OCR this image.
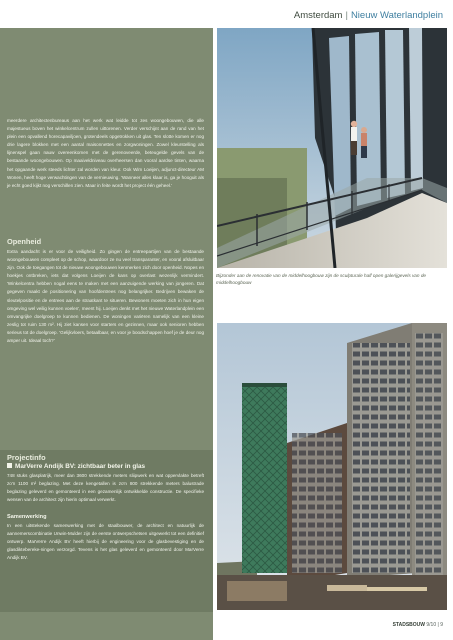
Amsterdam | Nieuw Waterlandplein

meerdere architectenbureaus aan het werk wat leidde tot zes woongebouwen, die alle majestueus boven het winkelcentrum zullen uittorenen. Verder verschijnt aan de rand van het plein een opvallend horecapaviljoen, grotendeels opgetrokken uit glas. Ten slotte komen er nog drie lagere blokken met een aantal maisonnettes en zorgwoningen. Zowel kleurstelling als lijnenspel gaan nauw overeenkomen met de gerenoveerde, beteugelde gevels van de bestaande woongebouwen. Op maaiveldniveau overheersen dan vooral aardse tinten, waarna het opgaande werk steeds lichter zal worden van kleur. Ook Wim Loeijen, adjunct-directeur AM Wonen, heeft hoge verwachtingen van de vernieuwing. 'Wanneer alles klaar is, ga je hooguit als je echt goed kijkt nog verschillen zien. Maar in feite wordt het project één geheel.'

Openheid

Extra aandacht is er voor de veiligheid. Zo gingen de entreepartijen van de bestaande woongebouwen compleet op de schop, waardoor ze nu veel transparanter, en vooral afsluitbaar zijn. Ook de toegangen tot de nieuwe woongebouwen kenmerken zich door openheid. Nopes en hoekjes ontbreken, iets dat volgens Loeijen de kans op overlast wezenlijk vermindert. 'Winkelcentra hebben nogal eens te maken met een aanzuigende werking van jongeren. Dat gegeven maakt de positionering van hoofdentrees nog belangrijker. Bedrijven bewaken de sleutelpositie en de entrees aan de straatkant te situeren. Bewoners moeten zich in hun eigen omgeving wel veilig kunnen voelen', meent hij. Loeijen denkt met het nieuwe Waterlandplein een omvangrijke doelgroep te kunnen bedienen. De woningen variëren namelijk van een kleine zeslig tot ruim 130 m². Hij ziet kansen voor starters en gezinnen, maar ook senioren hebben serieus tot de doelgroep. 'Gelijkvloers, betaalbaar, en voor je boodschappen hoef je de deur nog amper uit. Ideaal toch?'

Projectinfo
MarVerre Andijk BV: zichtbaar beter in glas

748 stuks glasplatrijk, meer dan 3600 strekkende meters sliipwerk en wat oppervlakte betreft zo'n 1100 m² beglazing. Met deze kengetallen is zo'n 800 strekkende meters balustrade beglazing geleverd en gemonteerd in een gezamenlijk ontwikkelde constructie. De specifieke wensen van de architect zijn hierin optimaal verwerkt.

Samenwerking

In een uitstekende samenwerking met de staalbouwer, de architect en natuurlijk de aannemerscombinatie Unwin-Mulder zijn de eerste ontwerpschetsen uitgewerkt tot een definitief ontwerp. MarVerre Andijk BV heeft hierbij de engineering voor de glasbevestiging en de glasdiktebereke-ningen verzorgd. Tevens is het glas geleverd en gemonteerd door MarVerre Andijk BV.

Bijzonder aan de renovatie van de middelhoogbouw zijn de sculpturale half open galerijgevels van de middelhoogbouw

STADSBOUW 9/10 | 9
